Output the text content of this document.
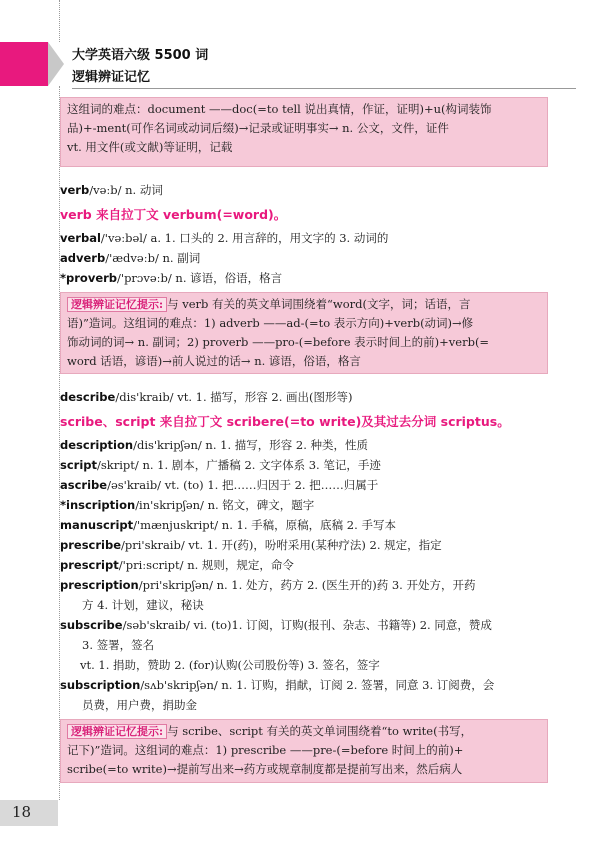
大学英语六级 5500 词
逻辑辨证记忆

这组词的难点：document ——doc(=to tell 说出真情，作证，证明)+u(构词装饰

品)+-ment(可作名词或动词后缀)→记录或证明事实→ n. 公文，文件，证件

vt. 用文件(或文献)等证明，记载

verb/vəːb/ n. 动词
verb 来自拉丁文 verbum(=word)。
verbal/'vəːbəl/ a. 1. 口头的 2. 用言辞的，用文字的 3. 动词的
adverb/'ædvəːb/ n. 副词
*proverb/'prɔvəːb/ n. 谚语，俗语，格言

逻辑辨证记忆提示: 与 verb 有关的英文单词围绕着“word(文字，词；话语，言

语)”造词。这组词的难点：1) adverb ——ad-(=to 表示方向)+verb(动词)→修

饰动词的词→ n. 副词；2) proverb ——pro-(=before 表示时间上的前)+verb(=

word 话语，谚语)→前人说过的话→ n. 谚语，俗语，格言

describe/dis'kraib/ vt. 1. 描写，形容 2. 画出(图形等)
scribe、script 来自拉丁文 scribere(=to write)及其过去分词 scriptus。
description/dis'kripʃən/ n. 1. 描写，形容 2. 种类，性质
script/skript/ n. 1. 剧本，广播稿 2. 文字体系 3. 笔记，手迹
ascribe/əs'kraib/ vt. (to) 1. 把……归因于 2. 把……归属于
*inscription/in'skripʃən/ n. 铭文，碑文，题字
manuscript/'mænjuskript/ n. 1. 手稿，原稿，底稿 2. 手写本
prescribe/pri'skraib/ vt. 1. 开(药)，吩咐采用(某种疗法) 2. 规定，指定
prescript/'priːscript/ n. 规则，规定，命令
prescription/pri'skripʃən/ n. 1. 处方，药方 2. (医生开的)药 3. 开处方，开药
方 4. 计划，建议，秘诀
subscribe/səb'skraib/ vi. (to)1. 订阅，订购(报刊、杂志、书籍等) 2. 同意，赞成
3. 签署，签名
vt. 1. 捐助，赞助 2. (for)认购(公司股份等) 3. 签名，签字
subscription/sʌb'skripʃən/ n. 1. 订购，捐献，订阅 2. 签署，同意 3. 订阅费，会
员费，用户费，捐助金

逻辑辨证记忆提示: 与 scribe、script 有关的英文单词围绕着“to write(书写，

记下)”造词。这组词的难点：1) prescribe ——pre-(=before 时间上的前)+

scribe(=to write)→提前写出来→药方或规章制度都是提前写出来，然后病人

18
